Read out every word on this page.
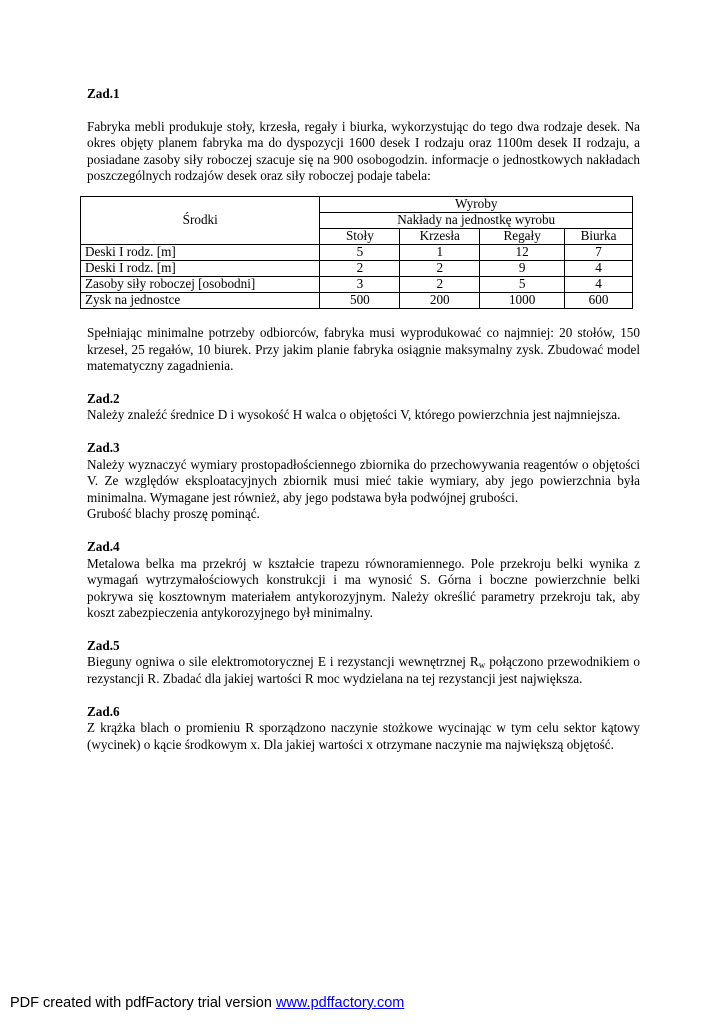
Zad.1

Fabryka mebli produkuje stoły, krzesła, regały i biurka, wykorzystując do tego dwa rodzaje desek. Na okres objęty planem fabryka ma do dyspozycji 1600 desek I rodzaju oraz 1100m desek II rodzaju, a posiadane zasoby siły roboczej szacuje się na 900 osobogodzin. informacje o jednostkowych nakładach poszczególnych rodzajów desek oraz siły roboczej podaje tabela:

Środki	Wyroby			
	Nakłady na jednostkę wyrobu			
	Stoły	Krzesła	Regały	Biurka
Deski I rodz. [m]	5	1	12	7
Deski I rodz. [m]	2	2	9	4
Zasoby siły roboczej [osobodni]	3	2	5	4
Zysk na jednostce	500	200	1000	600

Spełniając minimalne potrzeby odbiorców, fabryka musi wyprodukować co najmniej: 20 stołów, 150 krzeseł, 25 regałów, 10 biurek. Przy jakim planie fabryka osiągnie maksymalny zysk. Zbudować model matematyczny zagadnienia.

Zad.2

Należy znaleźć średnice D i wysokość H walca o objętości V, którego powierzchnia jest najmniejsza.

Zad.3

Należy wyznaczyć wymiary prostopadłościennego zbiornika do przechowywania reagentów o objętości V. Ze względów eksploatacyjnych zbiornik musi mieć takie wymiary, aby jego powierzchnia była minimalna. Wymagane jest również, aby jego podstawa była podwójnej grubości.

Grubość blachy proszę pominąć.

Zad.4

Metalowa belka ma przekrój w kształcie trapezu równoramiennego. Pole przekroju belki wynika z wymagań wytrzymałościowych konstrukcji i ma wynosić S. Górna i boczne powierzchnie belki pokrywa się kosztownym materiałem antykorozyjnym. Należy określić parametry przekroju tak, aby koszt zabezpieczenia antykorozyjnego był minimalny.

Zad.5

Bieguny ogniwa o sile elektromotorycznej E i rezystancji wewnętrznej $R_w$ połączono przewodnikiem o rezystancji R. Zbadać dla jakiej wartości R moc wydzielana na tej rezystancji jest największa.

Zad.6

Z krążka blach o promieniu R sporządzono naczynie stożkowe wycinając w tym celu sektor kątowy (wycinek) o kącie środkowym x. Dla jakiej wartości x otrzymane naczynie ma największą objętość.

PDF created with pdfFactory trial version www.pdffactory.com
